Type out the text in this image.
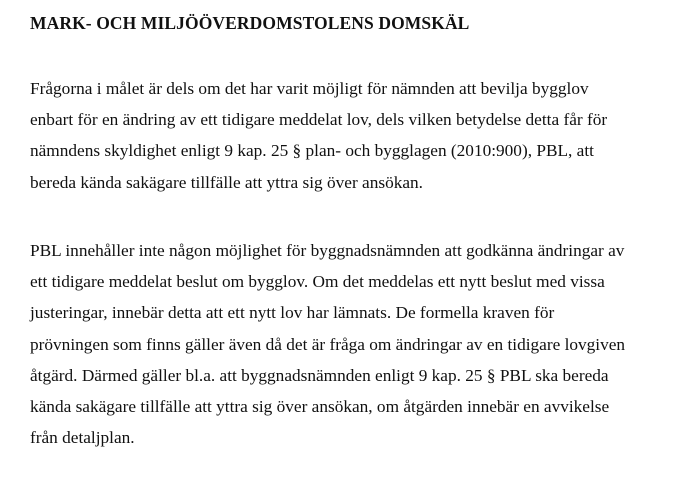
MARK- OCH MILJÖÖVERDOMSTOLENS DOMSKÄL

Frågorna i målet är dels om det har varit möjligt för nämnden att bevilja bygglov
enbart för en ändring av ett tidigare meddelat lov, dels vilken betydelse detta får för
nämndens skyldighet enligt 9 kap. 25 § plan- och bygglagen (2010:900), PBL, att
bereda kända sakägare tillfälle att yttra sig över ansökan.

PBL innehåller inte någon möjlighet för byggnadsnämnden att godkänna ändringar av
ett tidigare meddelat beslut om bygglov. Om det meddelas ett nytt beslut med vissa
justeringar, innebär detta att ett nytt lov har lämnats. De formella kraven för
prövningen som finns gäller även då det är fråga om ändringar av en tidigare lovgiven
åtgärd. Därmed gäller bl.a. att byggnadsnämnden enligt 9 kap. 25 § PBL ska bereda
kända sakägare tillfälle att yttra sig över ansökan, om åtgärden innebär en avvikelse
från detaljplan.
